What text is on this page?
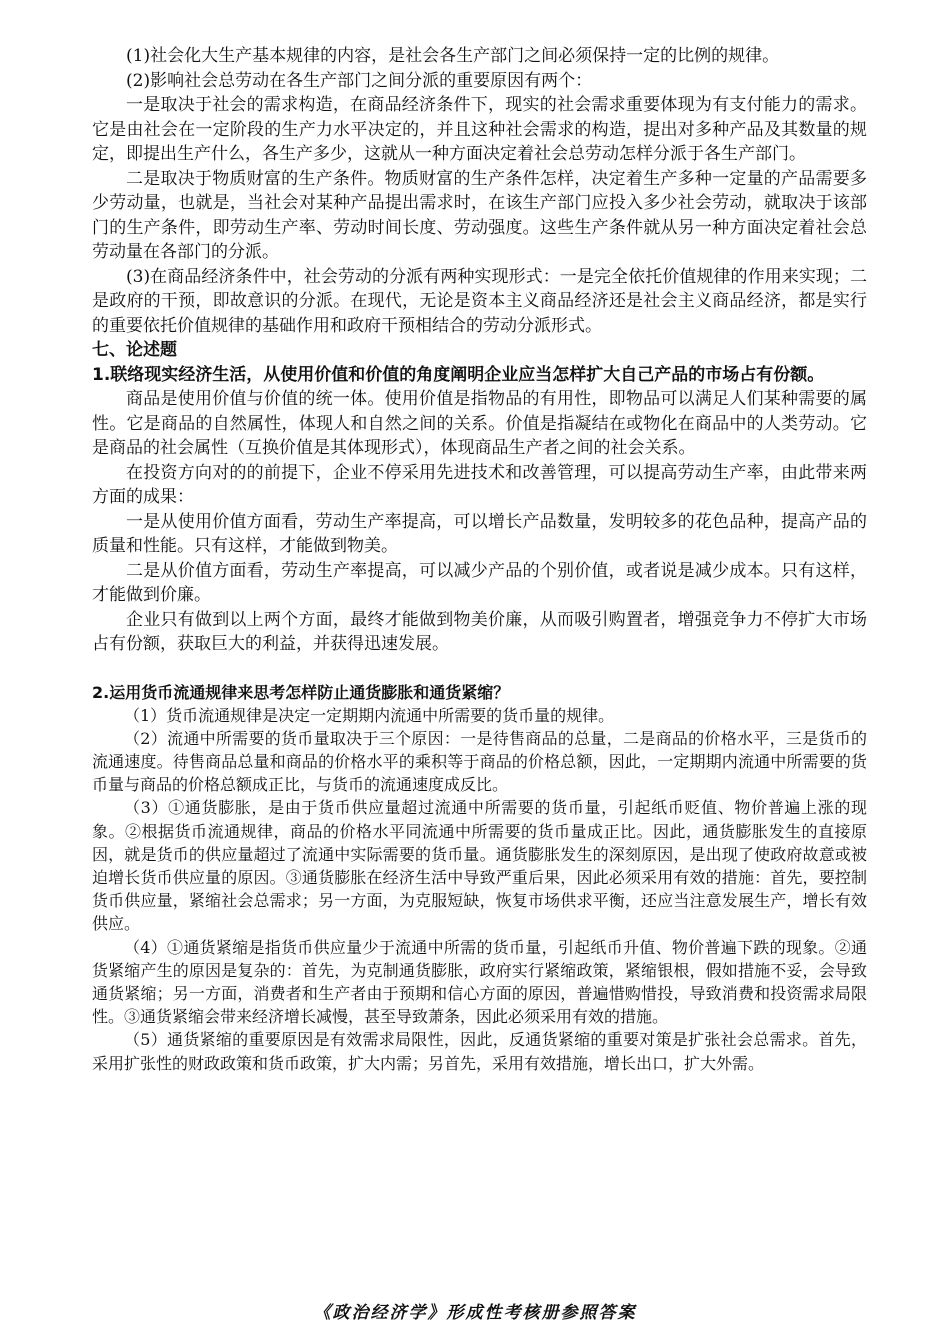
(1)社会化大生产基本规律的内容，是社会各生产部门之间必须保持一定的比例的规律。

(2)影响社会总劳动在各生产部门之间分派的重要原因有两个：

一是取决于社会的需求构造，在商品经济条件下，现实的社会需求重要体现为有支付能力的需求。它是由社会在一定阶段的生产力水平决定的，并且这种社会需求的构造，提出对多种产品及其数量的规定，即提出生产什么，各生产多少，这就从一种方面决定着社会总劳动怎样分派于各生产部门。

二是取决于物质财富的生产条件。物质财富的生产条件怎样，决定着生产多种一定量的产品需要多少劳动量，也就是，当社会对某种产品提出需求时，在该生产部门应投入多少社会劳动，就取决于该部门的生产条件，即劳动生产率、劳动时间长度、劳动强度。这些生产条件就从另一种方面决定着社会总劳动量在各部门的分派。

(3)在商品经济条件中，社会劳动的分派有两种实现形式：一是完全依托价值规律的作用来实现；二是政府的干预，即故意识的分派。在现代，无论是资本主义商品经济还是社会主义商品经济，都是实行的重要依托价值规律的基础作用和政府干预相结合的劳动分派形式。

七、论述题

1.联络现实经济生活，从使用价值和价值的角度阐明企业应当怎样扩大自己产品的市场占有份额。

商品是使用价值与价值的统一体。使用价值是指物品的有用性，即物品可以满足人们某种需要的属性。它是商品的自然属性，体现人和自然之间的关系。价值是指凝结在或物化在商品中的人类劳动。它是商品的社会属性（互换价值是其体现形式），体现商品生产者之间的社会关系。

在投资方向对的的前提下，企业不停采用先进技术和改善管理，可以提高劳动生产率，由此带来两方面的成果：

一是从使用价值方面看，劳动生产率提高，可以增长产品数量，发明较多的花色品种，提高产品的质量和性能。只有这样，才能做到物美。

二是从价值方面看，劳动生产率提高，可以减少产品的个别价值，或者说是减少成本。只有这样，才能做到价廉。

企业只有做到以上两个方面，最终才能做到物美价廉，从而吸引购置者，增强竞争力不停扩大市场占有份额，获取巨大的利益，并获得迅速发展。

2.运用货币流通规律来思考怎样防止通货膨胀和通货紧缩？

（1）货币流通规律是决定一定期期内流通中所需要的货币量的规律。

（2）流通中所需要的货币量取决于三个原因：一是待售商品的总量，二是商品的价格水平，三是货币的流通速度。待售商品总量和商品的价格水平的乘积等于商品的价格总额，因此，一定期期内流通中所需要的货币量与商品的价格总额成正比，与货币的流通速度成反比。

（3）①通货膨胀，是由于货币供应量超过流通中所需要的货币量，引起纸币贬值、物价普遍上涨的现象。②根据货币流通规律，商品的价格水平同流通中所需要的货币量成正比。因此，通货膨胀发生的直接原因，就是货币的供应量超过了流通中实际需要的货币量。通货膨胀发生的深刻原因，是出现了使政府故意或被迫增长货币供应量的原因。③通货膨胀在经济生活中导致严重后果，因此必须采用有效的措施：首先，要控制货币供应量，紧缩社会总需求；另一方面，为克服短缺，恢复市场供求平衡，还应当注意发展生产，增长有效供应。

（4）①通货紧缩是指货币供应量少于流通中所需的货币量，引起纸币升值、物价普遍下跌的现象。②通货紧缩产生的原因是复杂的：首先，为克制通货膨胀，政府实行紧缩政策，紧缩银根，假如措施不妥，会导致通货紧缩；另一方面，消费者和生产者由于预期和信心方面的原因，普遍惜购惜投，导致消费和投资需求局限性。③通货紧缩会带来经济增长减慢，甚至导致萧条，因此必须采用有效的措施。

（5）通货紧缩的重要原因是有效需求局限性，因此，反通货紧缩的重要对策是扩张社会总需求。首先，采用扩张性的财政政策和货币政策，扩大内需；另首先，采用有效措施，增长出口，扩大外需。

《政治经济学》形成性考核册参照答案
